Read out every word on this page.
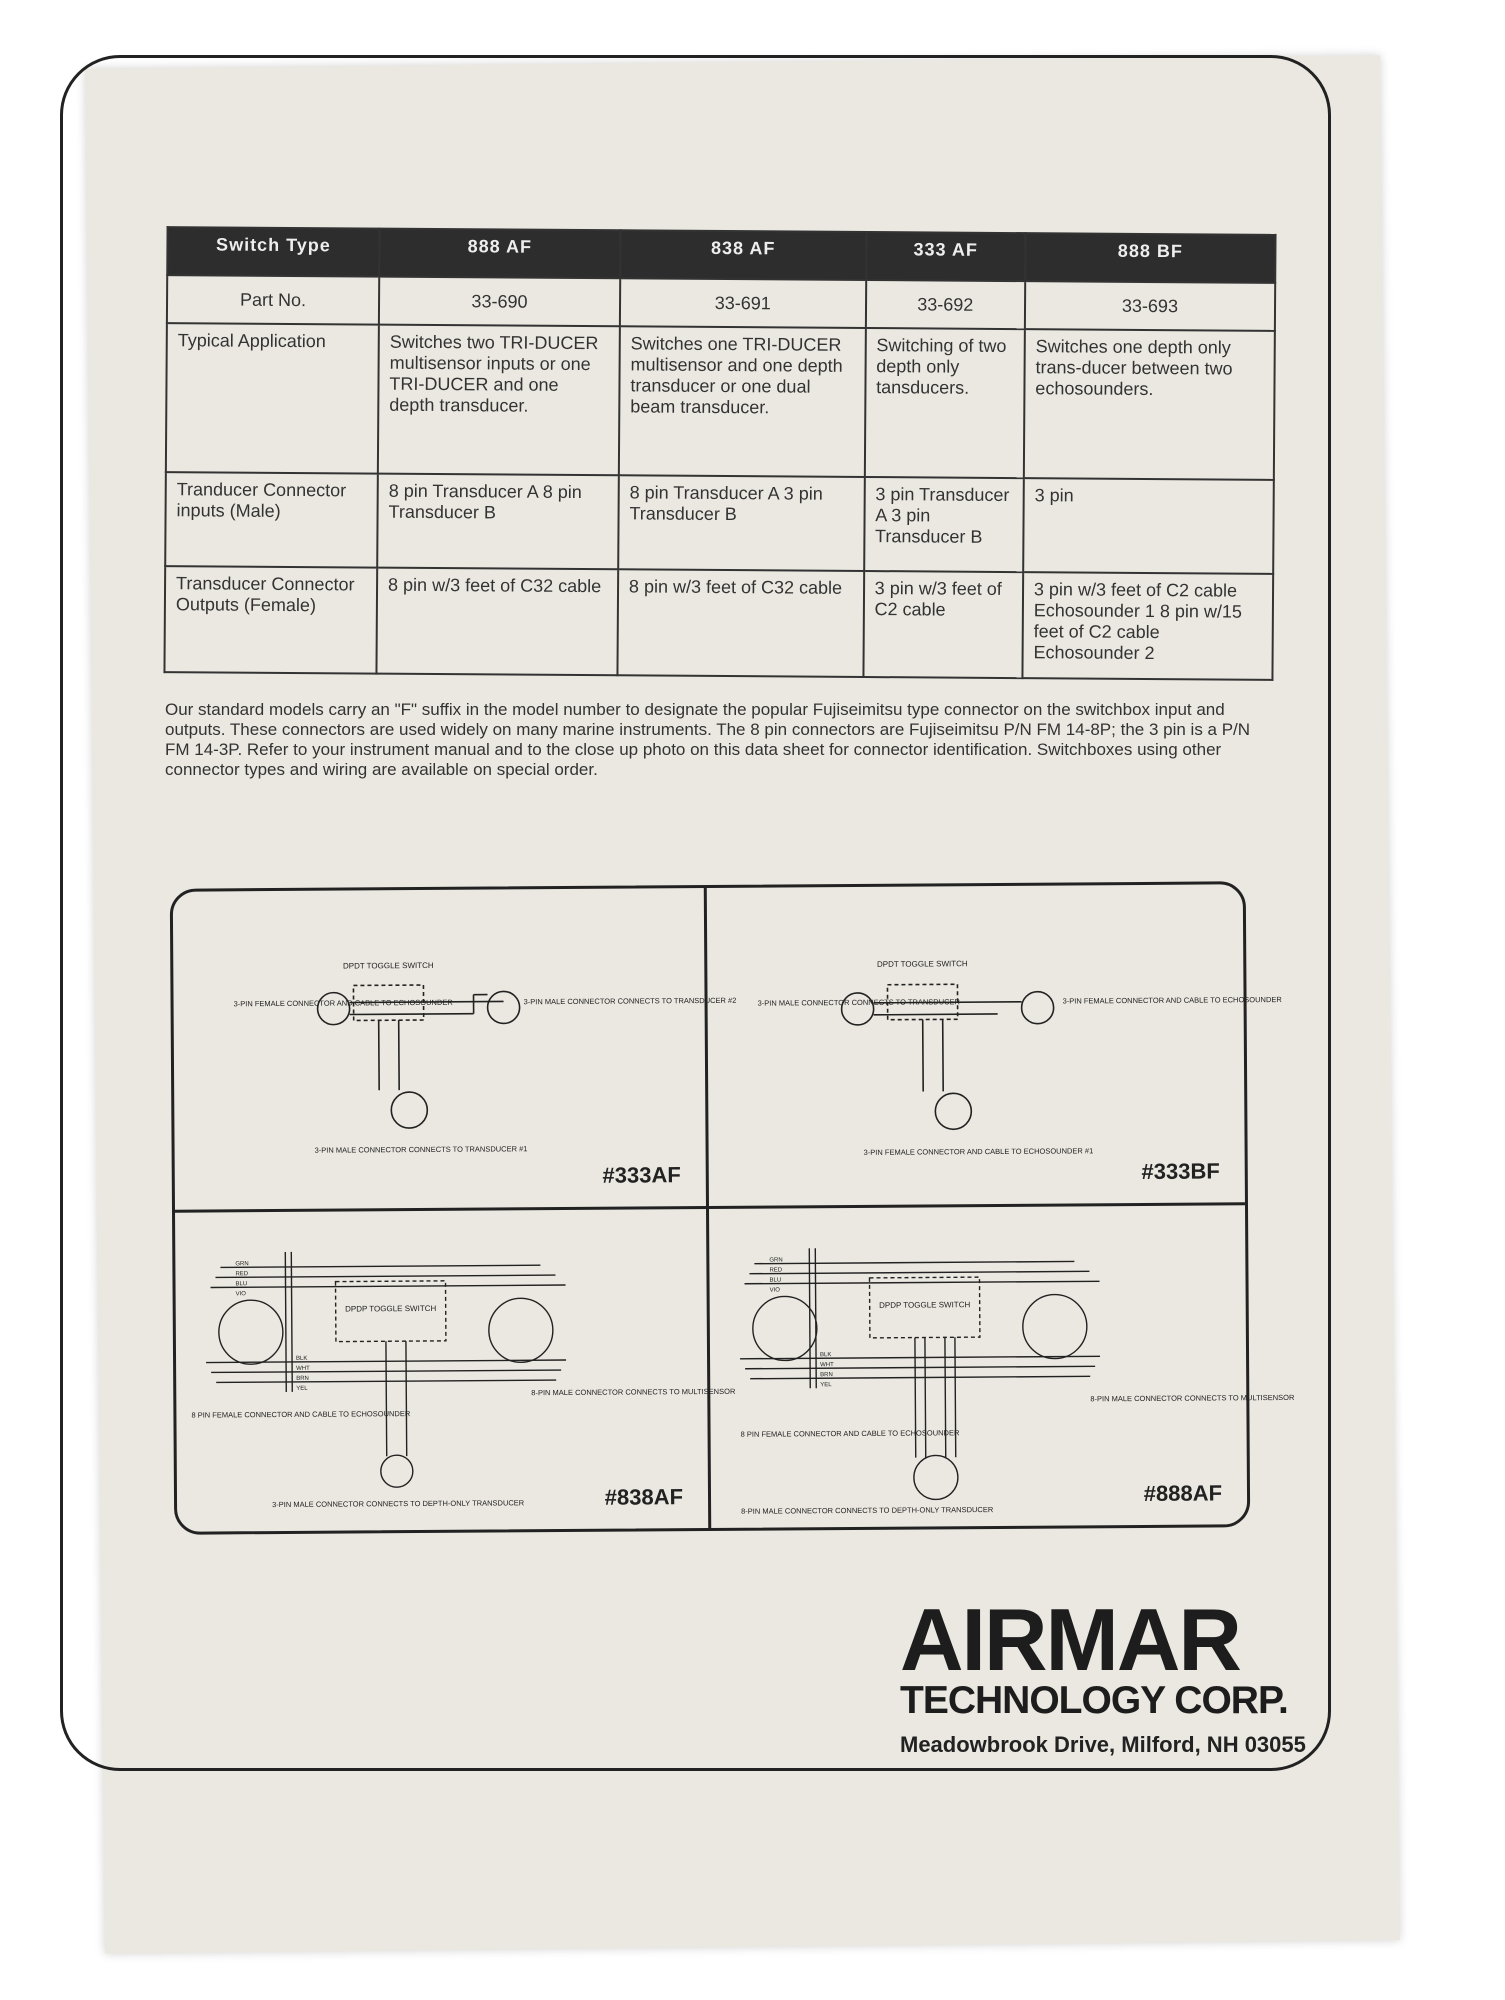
Switch Type	888 AF	838 AF	333 AF	888 BF
Part No.	33-690	33-691	33-692	33-693
Typical Application	Switches two TRI-DUCER multisensor inputs or one TRI-DUCER and one depth transducer.	Switches one TRI-DUCER multisensor and one depth transducer or one dual beam transducer.	Switching of two depth only tansducers.	Switches one depth only trans-ducer between two echosounders.
Tranducer Connector inputs (Male)	8 pin Transducer A 8 pin Transducer B	8 pin Transducer A 3 pin Transducer B	3 pin Transducer A 3 pin Transducer B	3 pin
Transducer Connector Outputs (Female)	8 pin w/3 feet of C32 cable	8 pin w/3 feet of C32 cable	3 pin w/3 feet of C2 cable	3 pin w/3 feet of C2 cable Echosounder 1 8 pin w/15 feet of C2 cable Echosounder 2

Our standard models carry an "F" suffix in the model number to designate the popular Fujiseimitsu type connector on the switchbox input and outputs. These connectors are used widely on many marine instruments. The 8 pin connectors are Fujiseimitsu P/N FM 14-8P; the 3 pin is a P/N FM 14-3P. Refer to your instrument manual and to the close up photo on this data sheet for connector identification. Switchboxes using other connector types and wiring are available on special order.

DPDT TOGGLE SWITCH
3-PIN FEMALE CONNECTOR AND CABLE TO ECHOSOUNDER	3-PIN MALE CONNECTOR CONNECTS TO TRANSDUCER #2
3-PIN MALE CONNECTOR CONNECTS TO TRANSDUCER #1
#333AF
DPDT TOGGLE SWITCH
3-PIN MALE CONNECTOR CONNECTS TO TRANSDUCER	3-PIN FEMALE CONNECTOR AND CABLE TO ECHOSOUNDER
3-PIN FEMALE CONNECTOR AND CABLE TO ECHOSOUNDER #1
#333BF
DPDP TOGGLE SWITCH
GRN
RED
BLU
VIO
BLK
WHT
BRN
YEL
8 PIN FEMALE CONNECTOR AND CABLE TO ECHOSOUNDER
8-PIN MALE CONNECTOR CONNECTS TO MULTISENSOR
3-PIN MALE CONNECTOR CONNECTS TO DEPTH-ONLY TRANSDUCER	#838AF
DPDP TOGGLE SWITCH
GRN
RED
BLU
VIO
BLK
WHT
BRN
YEL
8 PIN FEMALE CONNECTOR AND CABLE TO ECHOSOUNDER
8-PIN MALE CONNECTOR CONNECTS TO MULTISENSOR
8-PIN MALE CONNECTOR CONNECTS TO DEPTH-ONLY TRANSDUCER
#888AF
AIRMAR
TECHNOLOGY CORP.
Meadowbrook Drive, Milford, NH 03055
